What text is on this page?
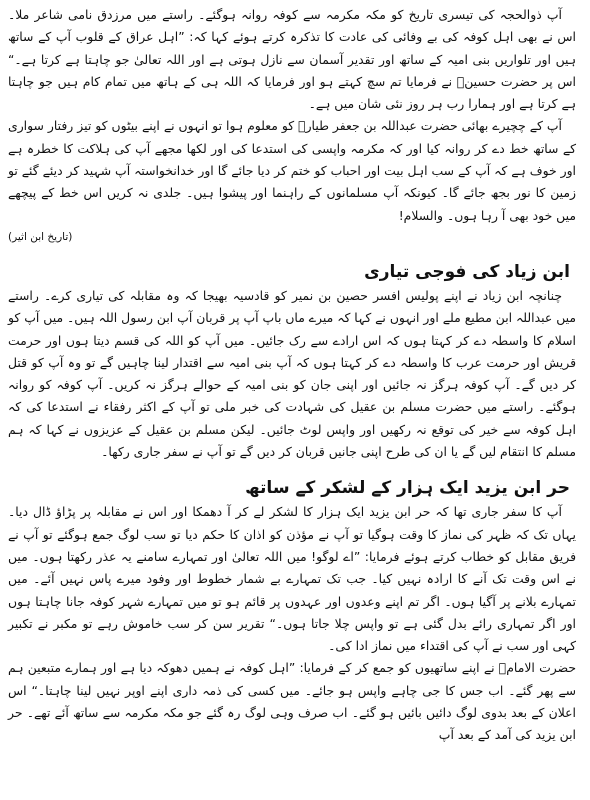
آپ ذوالحجہ کی تیسری تاریخ کو مکہ مکرمہ سے کوفہ روانہ ہوگئے۔ راستے میں مرزدق نامی شاعر ملا۔ اس نے بھی اہل کوفہ کی بے وفائی کی عادت کا تذکرہ کرتے ہوئے کہا کہ: ”اہل عراق کے قلوب آپ کے ساتھ ہیں اور تلواریں بنی امیہ کے ساتھ اور تقدیر آسمان سے نازل ہوتی ہے اور اللہ تعالیٰ جو چاہتا ہے کرتا ہے۔“ اس پر حضرت حسینؓ نے فرمایا تم سچ کہتے ہو اور فرمایا کہ اللہ ہی کے ہاتھ میں تمام کام ہیں جو چاہتا ہے کرتا ہے اور ہمارا رب ہر روز نئی شان میں ہے۔

آپ کے چچیرے بھائی حضرت عبداللہ بن جعفر طیارؓ کو معلوم ہوا تو انہوں نے اپنے بیٹوں کو تیز رفتار سواری کے ساتھ خط دے کر روانہ کیا اور کہ مکرمہ واپسی کی استدعا کی اور لکھا مجھے آپ کی ہلاکت کا خطرہ ہے اور خوف ہے کہ آپ کے سب اہل بیت اور احباب کو ختم کر دیا جائے گا اور خدانخواستہ آپ شہید کر دیئے گئے تو زمین کا نور بجھ جائے گا۔ کیونکہ آپ مسلمانوں کے راہنما اور پیشوا ہیں۔ جلدی نہ کریں اس خط کے پیچھے میں خود بھی آ رہا ہوں۔ والسلام!

(تاریخ ابن اثیر)

ابن زیاد کی فوجی تیاری

چنانچہ ابن زیاد نے اپنے پولیس افسر حصین بن نمیر کو قادسیہ بھیجا کہ وہ مقابلہ کی تیاری کرے۔ راستے میں عبداللہ ابن مطیع ملے اور انہوں نے کہا کہ میرے ماں باپ آپ پر قربان آپ ابن رسول اللہ ہیں۔ میں آپ کو اسلام کا واسطہ دے کر کہتا ہوں کہ اس ارادے سے رک جائیں۔ میں آپ کو اللہ کی قسم دیتا ہوں اور حرمت قریش اور حرمت عرب کا واسطہ دے کر کہتا ہوں کہ آپ بنی امیہ سے اقتدار لینا چاہیں گے تو وہ آپ کو قتل کر دیں گے۔ آپ کوفہ ہرگز نہ جائیں اور اپنی جان کو بنی امیہ کے حوالے ہرگز نہ کریں۔ آپ کوفہ کو روانہ ہوگئے۔ راستے میں حضرت مسلم بن عقیل کی شہادت کی خبر ملی تو آپ کے اکثر رفقاء نے استدعا کی کہ اہل کوفہ سے خیر کی توقع نہ رکھیں اور واپس لوٹ جائیں۔ لیکن مسلم بن عقیل کے عزیزوں نے کہا کہ ہم مسلم کا انتقام لیں گے یا ان کی طرح اپنی جانیں قربان کر دیں گے تو آپ نے سفر جاری رکھا۔

حر ابن یزید ایک ہزار کے لشکر کے ساتھ

آپ کا سفر جاری تھا کہ حر ابن یزید ایک ہزار کا لشکر لے کر آ دھمکا اور اس نے مقابلہ پر پڑاؤ ڈال دیا۔ یہاں تک کہ ظہر کی نماز کا وقت ہوگیا تو آپ نے مؤذن کو اذان کا حکم دیا تو سب لوگ جمع ہوگئے تو آپ نے فریق مقابل کو خطاب کرتے ہوئے فرمایا: ”اے لوگو! میں اللہ تعالیٰ اور تمہارے سامنے یہ عذر رکھتا ہوں۔ میں نے اس وقت تک آنے کا ارادہ نہیں کیا۔ جب تک تمہارے بے شمار خطوط اور وفود میرے پاس نہیں آئے۔ میں تمہارے بلانے پر آگیا ہوں۔ اگر تم اپنے وعدوں اور عہدوں پر قائم ہو تو میں تمہارے شہر کوفہ جانا چاہتا ہوں اور اگر تمہاری رائے بدل گئی ہے تو واپس چلا جاتا ہوں۔“ تقریر سن کر سب خاموش رہے تو مکبر نے تکبیر کہی اور سب نے آپ کی اقتداء میں نماز ادا کی۔

حضرت الامامؓ نے اپنے ساتھیوں کو جمع کر کے فرمایا: ”اہل کوفہ نے ہمیں دھوکہ دیا ہے اور ہمارے متبعین ہم سے پھر گئے۔ اب جس کا جی چاہے واپس ہو جائے۔ میں کسی کی ذمہ داری اپنے اوپر نہیں لینا چاہتا۔“ اس اعلان کے بعد بدوی لوگ دائیں بائیں ہو گئے۔ اب صرف وہی لوگ رہ گئے جو مکہ مکرمہ سے ساتھ آئے تھے۔ حر ابن یزید کی آمد کے بعد آپ
